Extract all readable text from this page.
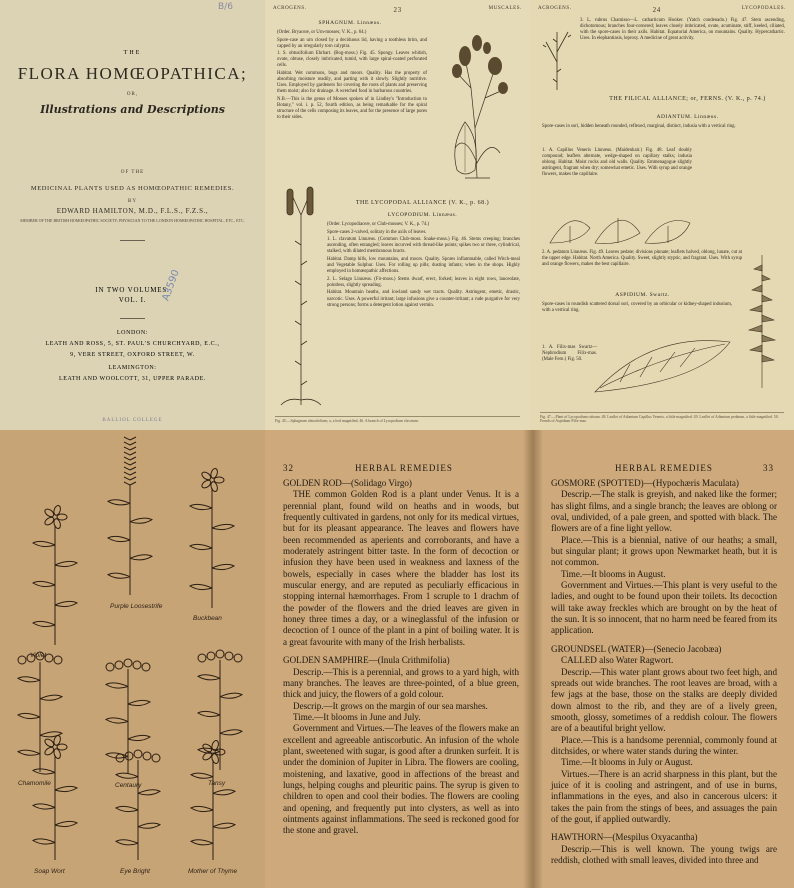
B/6
THE
FLORA HOMŒOPATHICA;
OR,
Illustrations and Descriptions
OF THE
MEDICINAL PLANTS USED AS HOMŒOPATHIC REMEDIES.
BY
EDWARD HAMILTON, M.D., F.L.S., F.Z.S.,
MEMBER OF THE BRITISH HOMŒOPATHIC SOCIETY; PHYSICIAN TO THE LONDON HOMŒOPATHIC HOSPITAL, ETC., ETC.
IN TWO VOLUMES.
VOL. I.	A3590
LONDON:
LEATH AND ROSS, 5, ST. PAUL'S CHURCHYARD, E.C.,
9, VERE STREET, OXFORD STREET, W.
LEAMINGTON:
LEATH AND WOOLCOTT, 31, UPPER PARADE.
BALLIOL COLLEGE
ACROGENS.	23	MUSCALES.
SPHAGNUM. Linnæus.

(Order. Bryaceæ, or Urn-mosses; V. K., p. 64.)

Spore-case an urn closed by a deciduous lid, having a toothless brim, and capped by an irregularly torn calyptra.

1. S. obtusifolium Ehrhart. (Bog-moss.) Fig. 45. Spongy. Leaves whitish, ovate, obtuse, closely imbricated, tumid, with large spiral-coated perforated cells.

Habitat. Wet commons, bogs and moors. Quality. Has the property of absorbing moisture readily, and parting with it slowly. Slightly nutritive. Uses. Employed by gardeners for covering the roots of plants and preserving them moist; also for drainage. A wretched food in barbarous countries.

N.B.—This is the genus of Mosses spoken of in Lindley's "Introduction to Botany," vol. i. p. 52, fourth edition, as being remarkable for the spiral structure of the cells composing its leaves, and for the presence of large pores to their sides.

THE LYCOPODAL ALLIANCE (V. K., p. 68.)
LYCOPODIUM. Linnæus.

(Order. Lycopodiaceæ, or Club-mosses; V. K., p. 74.)

Spore-cases 2-valved, solitary in the axils of leaves.

1. L. clavatum Linnæus. (Common Club-moss. Snake-moss.) Fig. 46. Stems creeping; branches ascending, often entangled; leaves incurved with thread-like points; spikes two or three, cylindrical, stalked, with dilated membranous bracts.

Habitat. Damp hills, low mountains, and moors. Quality. Spores inflammable, called Witch-meal and Vegetable Sulphur. Uses. For rolling up pills; dusting infants; when in the shops. Highly employed in homœopathic affections.

2. L. Selago Linnæus. (Fir-moss.) Stems dwarf, erect, forked; leaves in eight rows, lanceolate, pointless, slightly spreading.

Habitat. Mountain heaths, and lowland sandy wet tracts. Quality. Astringent, emetic, drastic, narcotic. Uses. A powerful irritant; large infusions give a counter-irritant; a rude purgative for very strong persons; forms a detergent lotion against vermin.

Fig. 45.—Sphagnum obtusifolium; a, a leaf magnified; 46. A branch of Lycopodium clavatum.
ACROGENS.	24	LYCOPODALES.

3. L. rubrus Chamisso—L. catharticum Hooker. (Yatch condenado.) Fig. 47. Stem ascending, dichotomous; branches four-cornered; leaves closely imbricated, ovate, acuminate, stiff, keeled, ciliated, with the spore-cases in their axils. Habitat. Equatorial America, on mountains. Quality. Hypercathartic. Uses. In elephantiasis, leprosy. A medicine of great activity.

THE FILICAL ALLIANCE; or, FERNS. (V. K., p. 74.)
ADIANTUM. Linnæus.

Spore-cases in sori, hidden beneath rounded, reflexed, marginal, distinct, indusia with a vertical ring.

1. A. Capillus Veneris Linnæus. (Maidenhair.) Fig. 48. Leaf doubly compound; leaflets alternate, wedge-shaped on capillary stalks; indusia oblong. Habitat. Moist rocks and old walls. Quality. Emmenagogue slightly astringent, fragrant when dry; somewhat emetic. Uses. With syrup and orange flowers, makes the capillaire.

2. A. pedatum Linnæus. Fig. 49. Leaves pedate; divisions pinnate; leaflets halved, oblong, lunate, cut at the upper edge. Habitat. North America. Quality. Sweet, slightly styptic, and fragrant. Uses. With syrup and orange flowers, makes the best capillaire.

ASPIDIUM. Swartz.

Spore-cases in roundish scattered dorsal sori, covered by an orbicular or kidney-shaped indusium, with a vertical ring.

1. A. Filix-mas Swartz—Nephrodium Filix-mas. (Male Fern.) Fig. 50.

Fig. 47.—Plant of Lycopodium rubrum. 48. Leaflet of Adiantum Capillus Veneris, a little magnified. 49. Leaflet of Adiantum pedatum, a little magnified. 50. Fronds of Aspidium Filix-mas.
Violet
Purple Loosestrife
Buckbean
Chamomile	Centaury	Tansy
Soap Wort	Eye Bright	Mother of Thyme
32	HERBAL REMEDIES	HERBAL REMEDIES	33
GOLDEN ROD—(Solidago Virgo)
THE common Golden Rod is a plant under Venus. It is a perennial plant, found wild on heaths and in woods, but frequently cultivated in gardens, not only for its medical virtues, but for its pleasant appearance. The leaves and flowers have been recommended as aperients and corroborants, and have a moderately astringent bitter taste. In the form of decoction or infusion they have been used in weakness and laxness of the bowels, especially in cases where the bladder has lost its muscular energy, and are reputed as peculiarly efficacious in stopping internal hæmorrhages. From 1 scruple to 1 drachm of the powder of the flowers and the dried leaves are given in honey three times a day, or a wineglassful of the infusion or decoction of 1 ounce of the plant in a pint of boiling water. It is a great favourite with many of the Irish herbalists.
GOLDEN SAMPHIRE—(Inula Crithmifolia)
Descrip.—This is a perennial, and grows to a yard high, with many branches. The leaves are three-pointed, of a blue green, thick and juicy, the flowers of a gold colour.
Descrip.—It grows on the margin of our sea marshes.
Time.—It blooms in June and July.
Government and Virtues.—The leaves of the flowers make an excellent and agreeable antiscorbutic. An infusion of the whole plant, sweetened with sugar, is good after a drunken surfeit. It is under the dominion of Jupiter in Libra. The flowers are cooling, moistening, and laxative, good in affections of the breast and lungs, helping coughs and pleuritic pains. The syrup is given to children to open and cool their bodies. The flowers are cooling and opening, and frequently put into clysters, as well as into ointments against inflammations. The seed is reckoned good for the stone and gravel.
GOSMORE (SPOTTED)—(Hypochæris Maculata)
Descrip.—The stalk is greyish, and naked like the former; has slight films, and a single branch; the leaves are oblong or oval, undivided, of a pale green, and spotted with black. The flowers are of a fine light yellow.
Place.—This is a biennial, native of our heaths; a small, but singular plant; it grows upon Newmarket heath, but it is not common.
Time.—It blooms in August.
Government and Virtues.—This plant is very useful to the ladies, and ought to be found upon their toilets. Its decoction will take away freckles which are brought on by the heat of the sun. It is so innocent, that no harm need be feared from its application.
GROUNDSEL (WATER)—(Senecio Jacobæa)
CALLED also Water Ragwort.
Descrip.—This water plant grows about two feet high, and spreads out wide branches. The root leaves are broad, with a few jags at the base, those on the stalks are deeply divided down almost to the rib, and they are of a lively green, smooth, glossy, sometimes of a reddish colour. The flowers are of a beautiful bright yellow.
Place.—This is a handsome perennial, commonly found at ditchsides, or where water stands during the winter.
Time.—It blooms in July or August.
Virtues.—There is an acrid sharpness in this plant, but the juice of it is cooling and astringent, and of use in burns, inflammations in the eyes, and also in cancerous ulcers: it takes the pain from the stings of bees, and assuages the pain of the gout, if applied outwardly.
HAWTHORN—(Mespilus Oxyacantha)
Descrip.—This is well known. The young twigs are reddish, clothed with small leaves, divided into three and
